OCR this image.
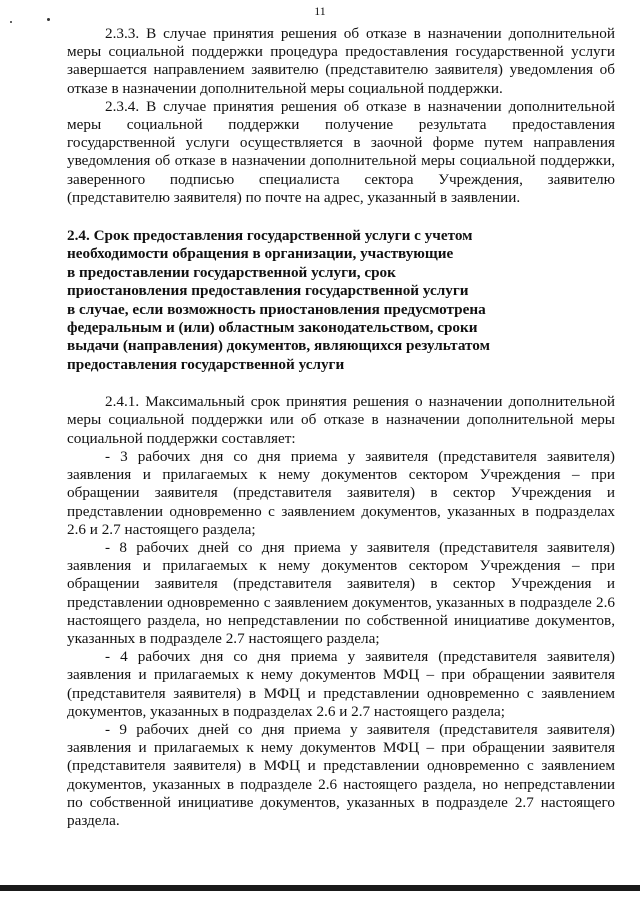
11

2.3.3. В случае принятия решения об отказе в назначении дополнительной меры социальной поддержки процедура предоставления государственной услуги завершается направлением заявителю (представителю заявителя) уведомления об отказе в назначении дополнительной меры социальной поддержки.

2.3.4. В случае принятия решения об отказе в назначении дополнительной меры социальной поддержки получение результата предоставления государственной услуги осуществляется в заочной форме путем направления уведомления об отказе в назначении дополнительной меры социальной поддержки, заверенного подписью специалиста сектора Учреждения, заявителю (представителю заявителя) по почте на адрес, указанный в заявлении.

2.4. Срок предоставления государственной услуги с учетом
необходимости обращения в организации, участвующие
в предоставлении государственной услуги, срок
приостановления предоставления государственной услуги
в случае, если возможность приостановления предусмотрена
федеральным и (или) областным законодательством, сроки
выдачи (направления) документов, являющихся результатом
предоставления государственной услуги

2.4.1. Максимальный срок принятия решения о назначении дополнительной меры социальной поддержки или об отказе в назначении дополнительной меры социальной поддержки составляет:

- 3 рабочих дня со дня приема у заявителя (представителя заявителя) заявления и прилагаемых к нему документов сектором Учреждения – при обращении заявителя (представителя заявителя) в сектор Учреждения и представлении одновременно с заявлением документов, указанных в подразделах 2.6 и 2.7 настоящего раздела;

- 8 рабочих дней со дня приема у заявителя (представителя заявителя) заявления и прилагаемых к нему документов сектором Учреждения – при обращении заявителя (представителя заявителя) в сектор Учреждения и представлении одновременно с заявлением документов, указанных в подразделе 2.6 настоящего раздела, но непредставлении по собственной инициативе документов, указанных в подразделе 2.7 настоящего раздела;

- 4 рабочих дня со дня приема у заявителя (представителя заявителя) заявления и прилагаемых к нему документов МФЦ – при обращении заявителя (представителя заявителя) в МФЦ и представлении одновременно с заявлением документов, указанных в подразделах 2.6 и 2.7 настоящего раздела;

- 9 рабочих дней со дня приема у заявителя (представителя заявителя) заявления и прилагаемых к нему документов МФЦ – при обращении заявителя (представителя заявителя) в МФЦ и представлении одновременно с заявлением документов, указанных в подразделе 2.6 настоящего раздела, но непредставлении по собственной инициативе документов, указанных в подразделе 2.7 настоящего раздела.
